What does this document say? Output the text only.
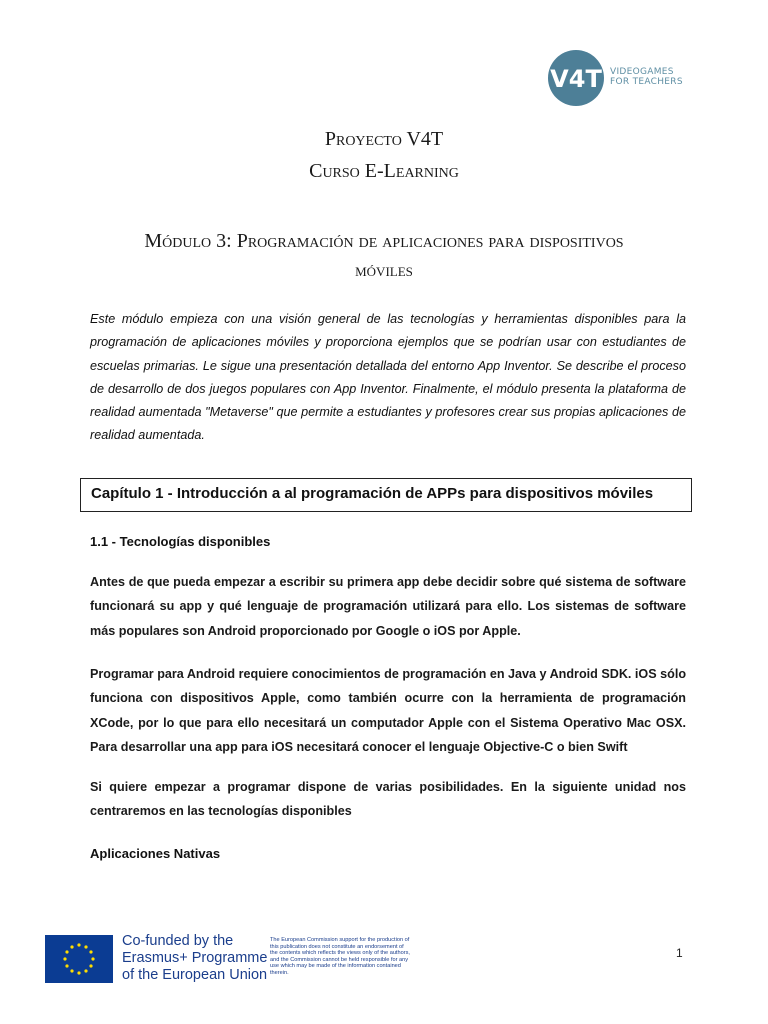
V4T VIDEOGAMES
FOR TEACHERS
Proyecto V4T
Curso E-Learning
Módulo 3: Programación de aplicaciones para dispositivos
móviles
Este módulo empieza con una visión general de las tecnologías y herramientas disponibles para la programación de aplicaciones móviles y proporciona ejemplos que se podrían usar con estudiantes de escuelas primarias. Le sigue una presentación detallada del entorno App Inventor. Se describe el proceso de desarrollo de dos juegos populares con App Inventor. Finalmente, el módulo presenta la plataforma de realidad aumentada "Metaverse" que permite a estudiantes y profesores crear sus propias aplicaciones de realidad aumentada.
Capítulo 1 - Introducción a al programación de APPs para dispositivos móviles
1.1 - Tecnologías disponibles
Antes de que pueda empezar a escribir su primera app debe decidir sobre qué sistema de software funcionará su app y qué lenguaje de programación utilizará para ello. Los sistemas de software más populares son Android proporcionado por Google o iOS por Apple.
Programar para Android requiere conocimientos de programación en Java y Android SDK. iOS sólo funciona con dispositivos Apple, como también ocurre con la herramienta de programación XCode, por lo que para ello necesitará un computador Apple con el Sistema Operativo Mac OSX. Para desarrollar una app para iOS necesitará conocer el lenguaje Objective-C o bien Swift
Si quiere empezar a programar dispone de varias posibilidades. En la siguiente unidad nos centraremos en las tecnologías disponibles
Aplicaciones Nativas
Co-funded by the
Erasmus+ Programme
of the European Union
The European Commission support for the production of this publication does not constitute an endorsement of the contents which reflects the views only of the authors, and the Commission cannot be held responsible for any use which may be made of the information contained therein.
1
